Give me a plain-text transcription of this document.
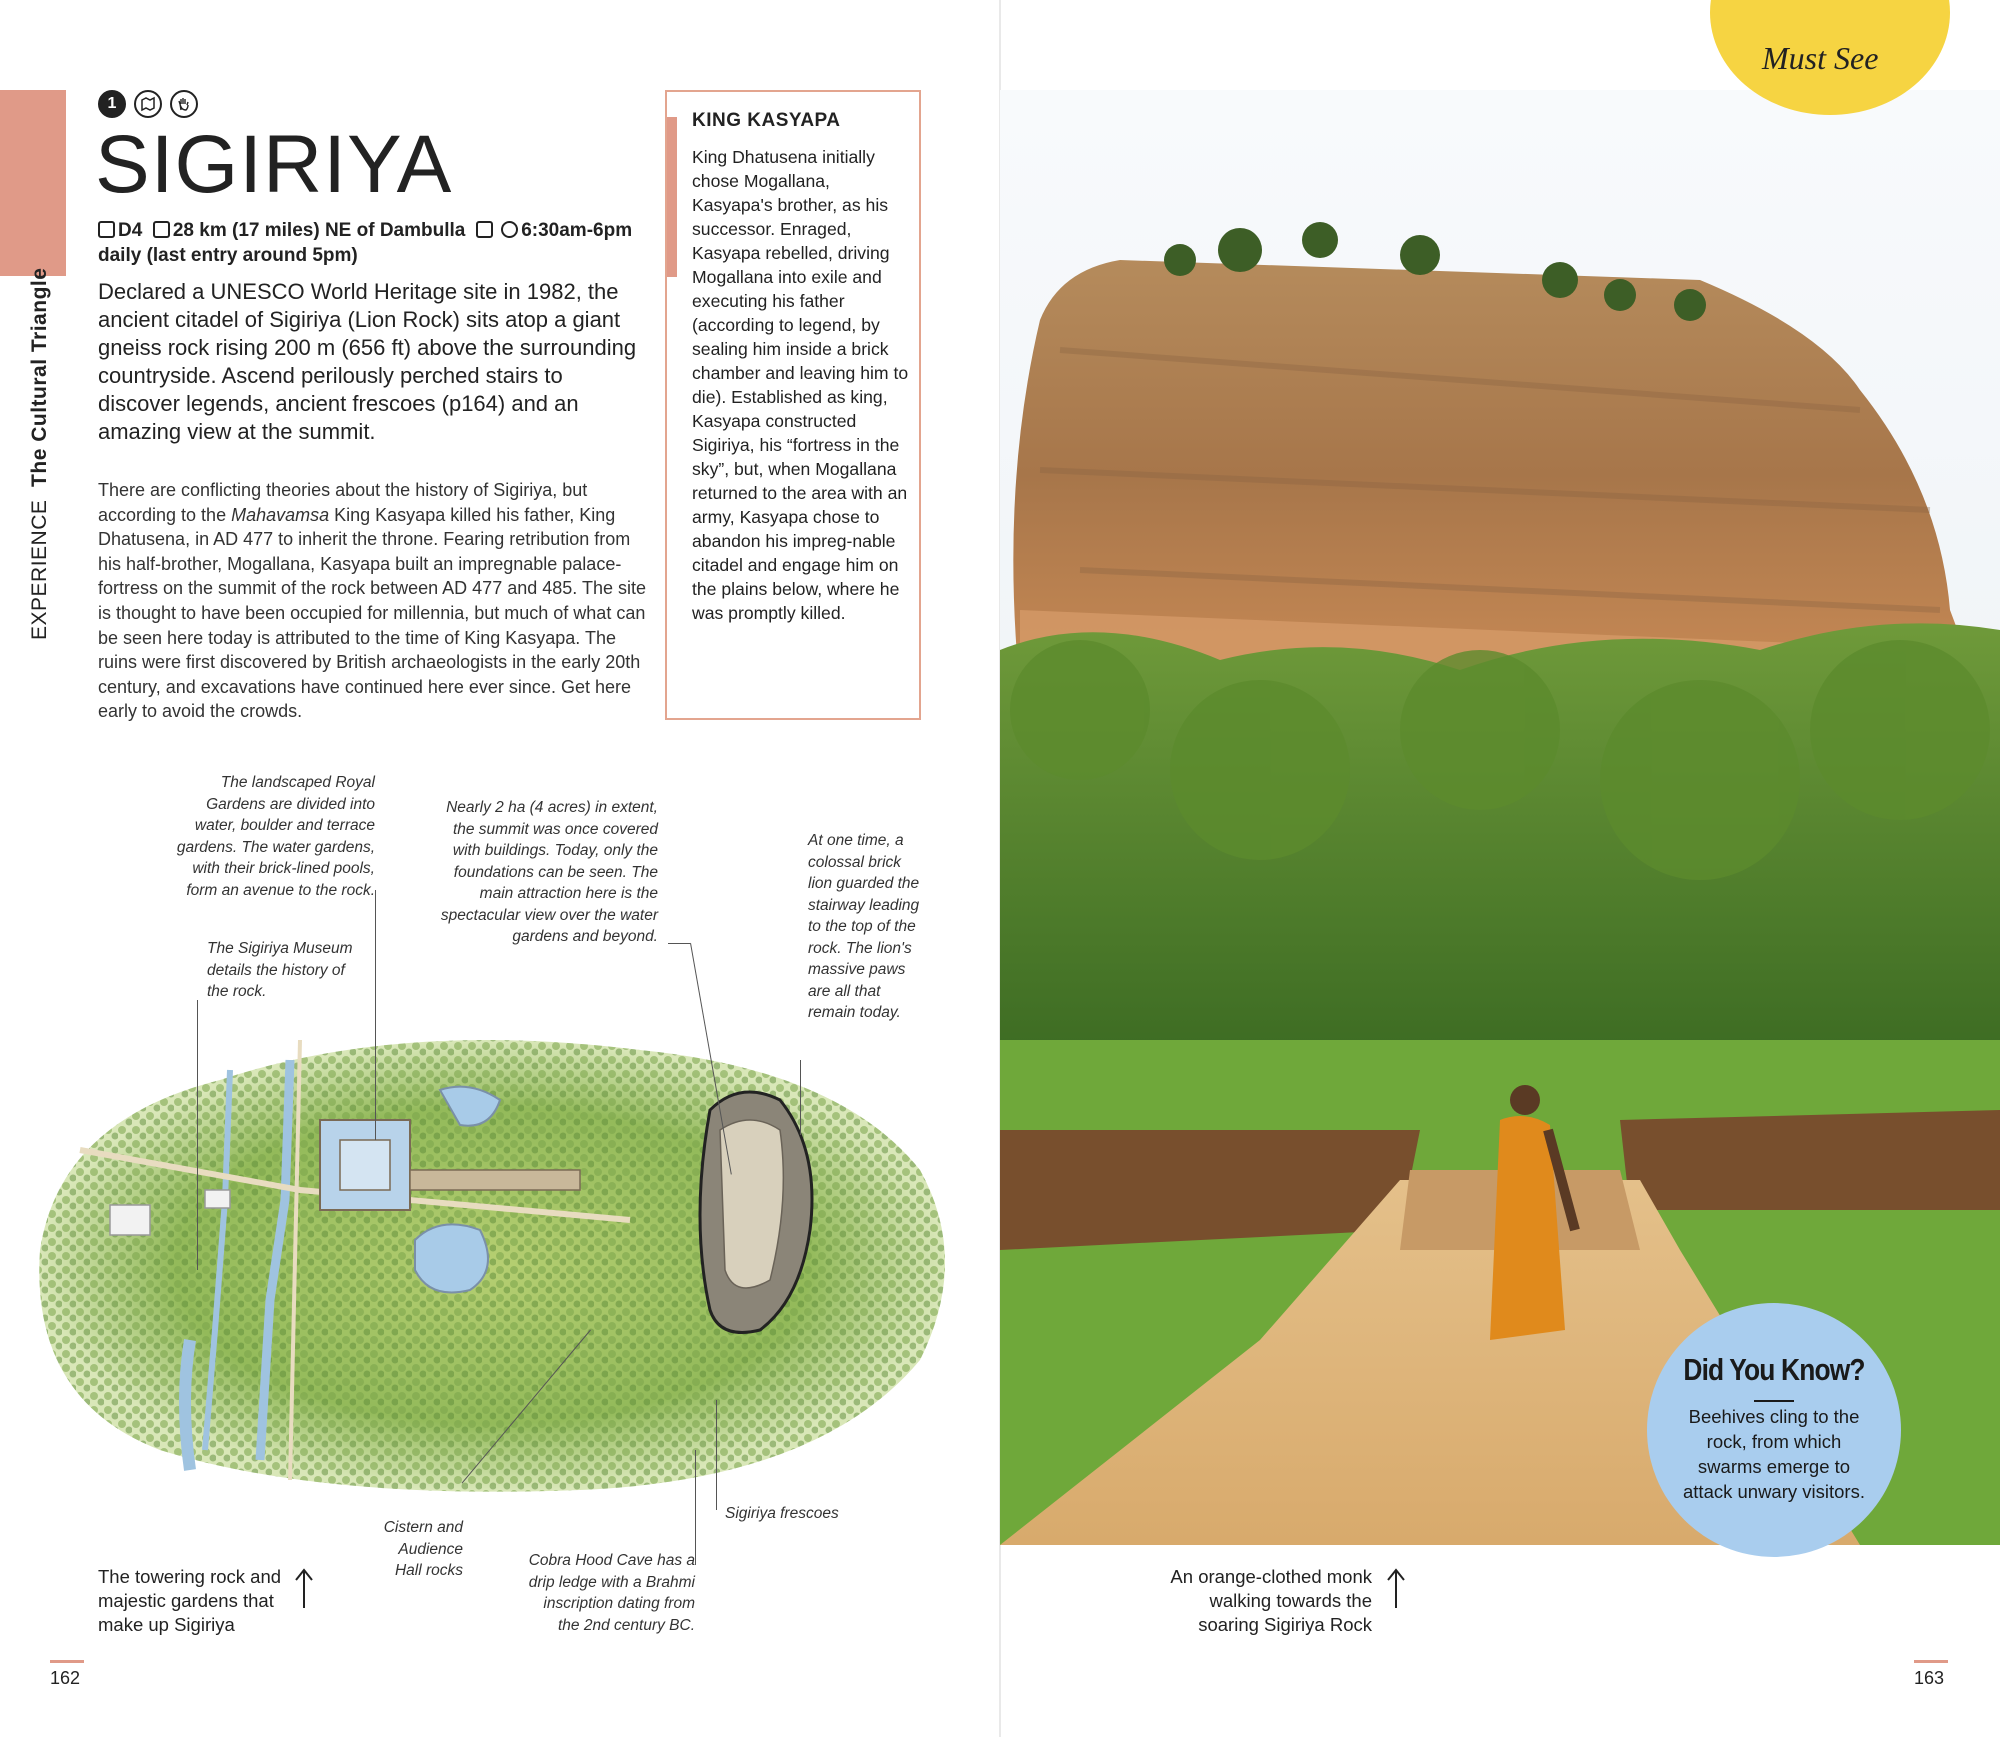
EXPERIENCE  The Cultural Triangle
1
SIGIRIYA
D4 28 km (17 miles) NE of Dambulla	6:30am-6pm
daily (last entry around 5pm)
Declared a UNESCO World Heritage site in 1982, the ancient citadel of Sigiriya (Lion Rock) sits atop a giant gneiss rock rising 200 m (656 ft) above the surrounding countryside. Ascend perilously perched stairs to discover legends, ancient frescoes (p164) and an amazing view at the summit.
There are conflicting theories about the history of Sigiriya, but according to the Mahavamsa King Kasyapa killed his father, King Dhatusena, in AD 477 to inherit the throne. Fearing retribution from his half-brother, Mogallana, Kasyapa built an impregnable palace-fortress on the summit of the rock between AD 477 and 485. The site is thought to have been occupied for millennia, but much of what can be seen here today is attributed to the time of King Kasyapa. The ruins were first discovered by British archaeologists in the early 20th century, and excavations have continued here ever since. Get here early to avoid the crowds.
KING KASYAPA
King Dhatusena initially chose Mogallana, Kasyapa's brother, as his successor. Enraged, Kasyapa rebelled, driving Mogallana into exile and executing his father (according to legend, by sealing him inside a brick chamber and leaving him to die). Established as king, Kasyapa constructed Sigiriya, his “fortress in the sky”, but, when Mogallana returned to the area with an army, Kasyapa chose to abandon his impreg-nable citadel and engage him on the plains below, where he was promptly killed.
The landscaped Royal Gardens are divided into water, boulder and terrace gardens. The water gardens, with their brick-lined pools, form an avenue to the rock.
Nearly 2 ha (4 acres) in extent, the summit was once covered with buildings. Today, only the foundations can be seen. The main attraction here is the spectacular view over the water gardens and beyond.
At one time, a colossal brick lion guarded the stairway leading to the top of the rock. The lion's massive paws are all that remain today.
The Sigiriya Museum details the history of the rock.
Cistern and Audience Hall rocks
Cobra Hood Cave has a drip ledge with a Brahmi inscription dating from the 2nd century BC.
Sigiriya frescoes
The towering rock and majestic gardens that make up Sigiriya
162
Must See
Did You Know?
Beehives cling to the rock, from which swarms emerge to attack unwary visitors.
An orange-clothed monk walking towards the soaring Sigiriya Rock
163
